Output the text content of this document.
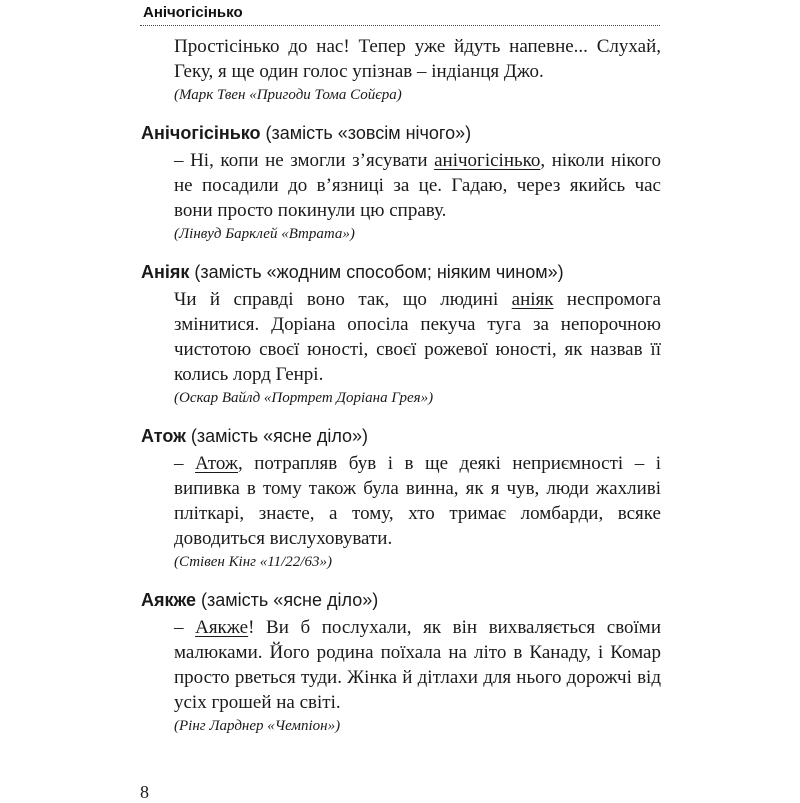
Анічогісінько
Простісінько до нас! Тепер уже йдуть напевне... Слухай, Геку, я ще один голос упізнав – індіанця Джо.
(Марк Твен «Пригоди Тома Сойєра)
Анічогісінько (замість «зовсім нічого»)
– Ні, копи не змогли з’ясувати анічогісінько, ніколи нікого не посадили до в’язниці за це. Гадаю, через якийсь час вони просто покинули цю справу.
(Лінвуд Барклей «Втрата»)
Аніяк (замість «жодним способом; ніяким чином»)
Чи й справді воно так, що людині аніяк неспромога змінитися. Доріана опосіла пекуча туга за непорочною чистотою своєї юності, своєї рожевої юності, як назвав її колись лорд Генрі.
(Оскар Вайлд «Портрет Доріана Грея»)
Атож (замість «ясне діло»)
– Атож, потрапляв був і в ще деякі неприємності – і випивка в тому також була винна, як я чув, люди жахливі пліткарі, знаєте, а тому, хто тримає ломбарди, всяке доводиться вислуховувати.
(Стівен Кінг «11/22/63»)
Аякже (замість «ясне діло»)
– Аякже! Ви б послухали, як він вихваляється своїми малюками. Його родина поїхала на літо в Канаду, і Комар просто рветься туди. Жінка й дітлахи для нього дорожчі від усіх грошей на світі.
(Рінг Ларднер «Чемпіон»)
8
